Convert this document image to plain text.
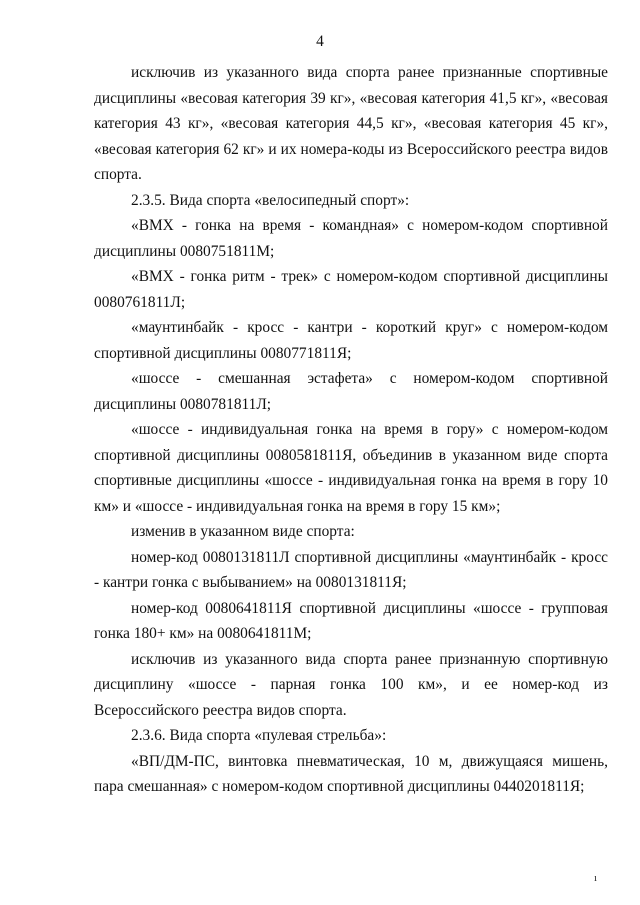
4

исключив из указанного вида спорта ранее признанные спортивные дисциплины «весовая категория 39 кг», «весовая категория 41,5 кг», «весовая категория 43 кг», «весовая категория 44,5 кг», «весовая категория 45 кг», «весовая категория 62 кг» и их номера-коды из Всероссийского реестра видов спорта.

2.3.5. Вида спорта «велосипедный спорт»:

«BMX - гонка на время - командная» с номером-кодом спортивной дисциплины 0080751811М;

«BMX - гонка ритм - трек» с номером-кодом спортивной дисциплины 0080761811Л;

«маунтинбайк - кросс - кантри - короткий круг» с номером-кодом спортивной дисциплины 0080771811Я;

«шоссе - смешанная эстафета» с номером-кодом спортивной дисциплины 0080781811Л;

«шоссе - индивидуальная гонка на время в гору» с номером-кодом спортивной дисциплины 0080581811Я, объединив в указанном виде спорта спортивные дисциплины «шоссе - индивидуальная гонка на время в гору 10 км» и «шоссе - индивидуальная гонка на время в гору 15 км»;

изменив в указанном виде спорта:

номер-код 0080131811Л спортивной дисциплины «маунтинбайк - кросс - кантри гонка с выбыванием» на 0080131811Я;

номер-код 0080641811Я спортивной дисциплины «шоссе - групповая гонка 180+ км» на 0080641811М;

исключив из указанного вида спорта ранее признанную спортивную дисциплину «шоссе - парная гонка 100 км», и ее номер-код из Всероссийского реестра видов спорта.

2.3.6. Вида спорта «пулевая стрельба»:

«ВП/ДМ-ПС, винтовка пневматическая, 10 м, движущаяся мишень, пара смешанная» с номером-кодом спортивной дисциплины 0440201811Я;

ı
